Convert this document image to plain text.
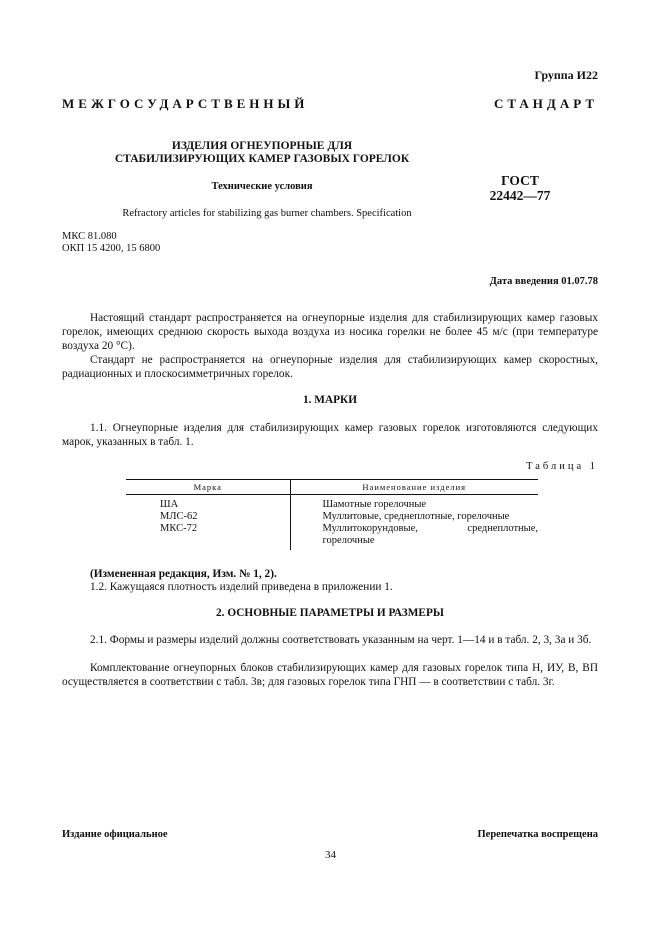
Группа И22
МЕЖГОСУДАРСТВЕННЫЙ СТАНДАРТ
ИЗДЕЛИЯ ОГНЕУПОРНЫЕ ДЛЯ
СТАБИЛИЗИРУЮЩИХ КАМЕР ГАЗОВЫХ ГОРЕЛОК
Технические условия
Refractory articles for stabilizing gas burner chambers. Specification
ГОСТ
22442—77
МКС 81.080
ОКП 15 4200, 15 6800
Дата введения 01.07.78
Настоящий стандарт распространяется на огнеупорные изделия для стабилизирующих камер газовых горелок, имеющих среднюю скорость выхода воздуха из носика горелки не более 45 м/с (при температуре воздуха 20 °С).
Стандарт не распространяется на огнеупорные изделия для стабилизирующих камер скоростных, радиационных и плоскосимметричных горелок.
1. МАРКИ
1.1. Огнеупорные изделия для стабилизирующих камер газовых горелок изготовляются следующих марок, указанных в табл. 1.
Таблица 1
Марка	Наименование изделия
ША	Шамотные горелочные
МЛС-62	Муллитовые, среднеплотные, горелочные
МКС-72	Муллитокорундовые, среднеплотные, горелочные
(Измененная редакция, Изм. № 1, 2).
1.2. Кажущаяся плотность изделий приведена в приложении 1.
2. ОСНОВНЫЕ ПАРАМЕТРЫ И РАЗМЕРЫ
2.1. Формы и размеры изделий должны соответствовать указанным на черт. 1—14 и в табл. 2, 3, 3а и 3б.
Комплектование огнеупорных блоков стабилизирующих камер для газовых горелок типа Н, ИУ, В, ВП осуществляется в соответствии с табл. 3в; для газовых горелок типа ГНП — в соответствии с табл. 3г.
Издание официальное	Перепечатка воспрещена
34
